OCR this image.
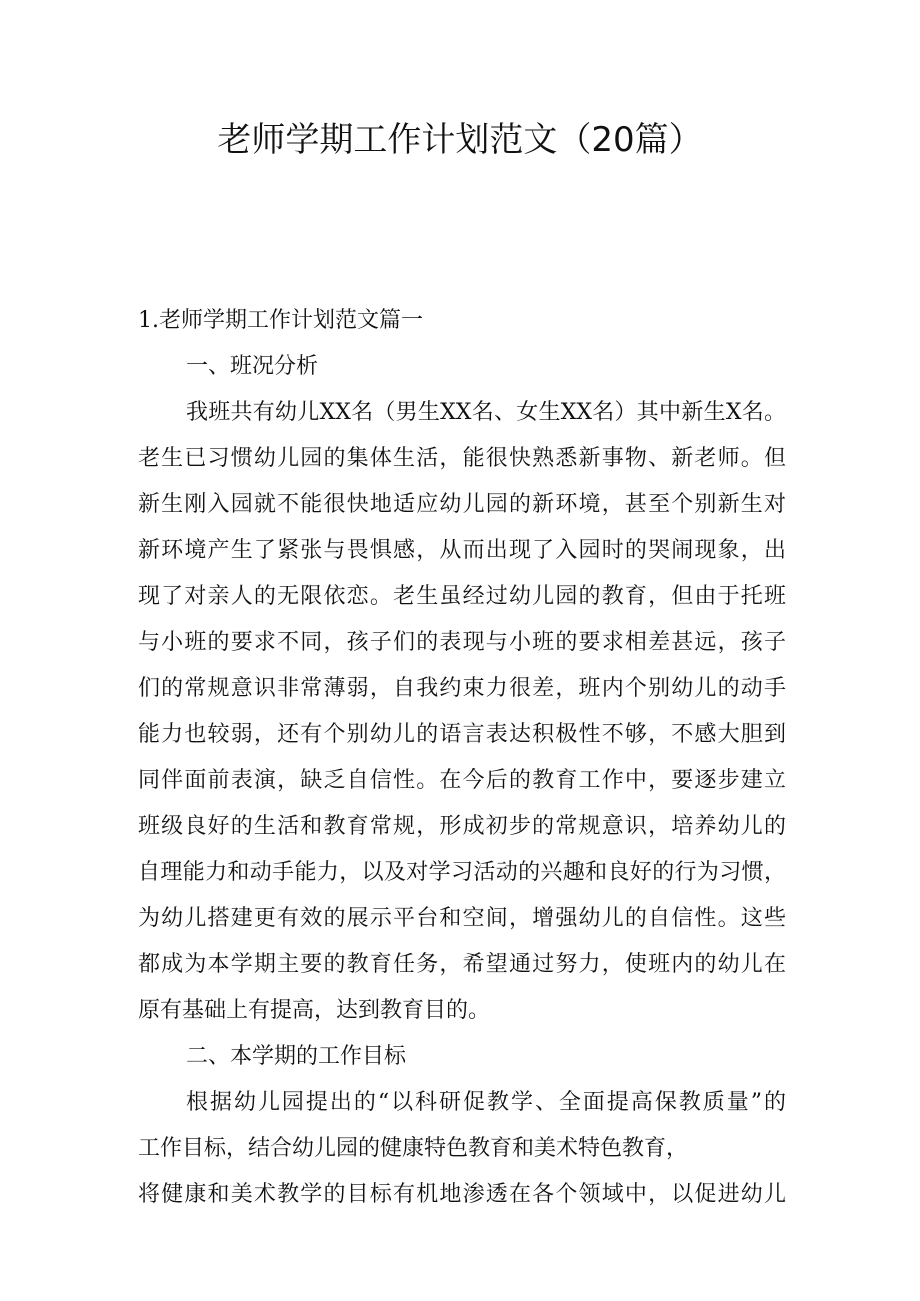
老师学期工作计划范文（20篇）
1.老师学期工作计划范文篇一
一、班况分析
我班共有幼儿XX名（男生XX名、女生XX名）其中新生X名。
老生已习惯幼儿园的集体生活，能很快熟悉新事物、新老师。但
新生刚入园就不能很快地适应幼儿园的新环境，甚至个别新生对
新环境产生了紧张与畏惧感，从而出现了入园时的哭闹现象，出
现了对亲人的无限依恋。老生虽经过幼儿园的教育，但由于托班
与小班的要求不同，孩子们的表现与小班的要求相差甚远，孩子
们的常规意识非常薄弱，自我约束力很差，班内个别幼儿的动手
能力也较弱，还有个别幼儿的语言表达积极性不够，不感大胆到
同伴面前表演，缺乏自信性。在今后的教育工作中，要逐步建立
班级良好的生活和教育常规，形成初步的常规意识，培养幼儿的
自理能力和动手能力，以及对学习活动的兴趣和良好的行为习惯，
为幼儿搭建更有效的展示平台和空间，增强幼儿的自信性。这些
都成为本学期主要的教育任务，希望通过努力，使班内的幼儿在
原有基础上有提高，达到教育目的。
二、本学期的工作目标
根据幼儿园提出的“以科研促教学、全面提高保教质量”的
工作目标，结合幼儿园的健康特色教育和美术特色教育，
将健康和美术教学的目标有机地渗透在各个领域中，以促进幼儿
